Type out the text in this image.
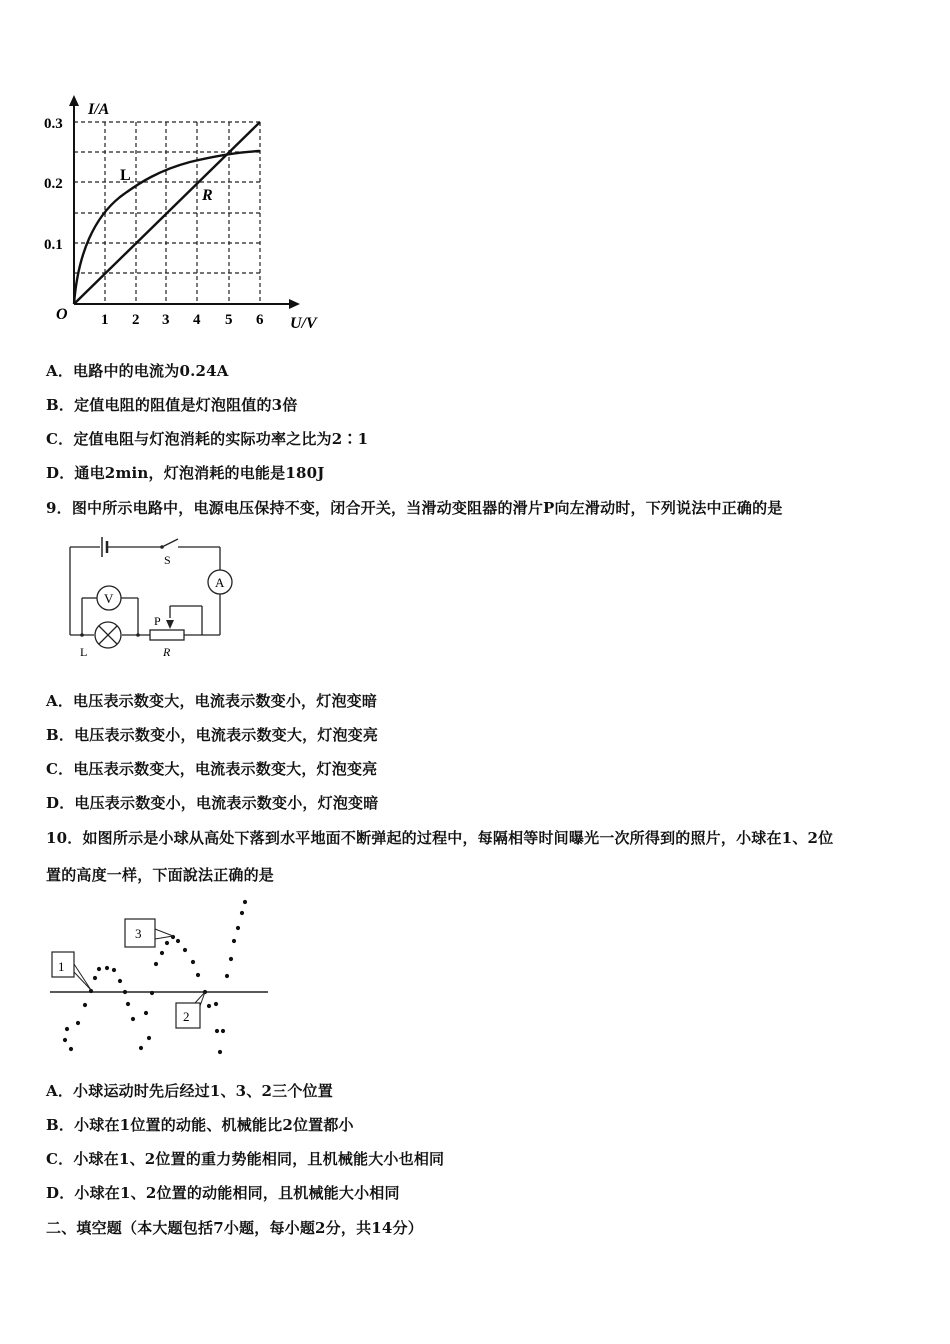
I/A
U/V
O
0.1
0.2
0.3
1 2 3 4 5 6
L
R
A．电路中的电流为0.24A
B．定值电阻的阻值是灯泡阻值的3倍
C．定值电阻与灯泡消耗的实际功率之比为2∶1
D．通电2min，灯泡消耗的电能是180J
9．图中所示电路中，电源电压保持不变，闭合开关，当滑动变阻器的滑片P向左滑动时，下列说法中正确的是
S
A
V
L
P
R
A．电压表示数变大，电流表示数变小，灯泡变暗
B．电压表示数变小，电流表示数变大，灯泡变亮
C．电压表示数变大，电流表示数变大，灯泡变亮
D．电压表示数变小，电流表示数变小，灯泡变暗
10．如图所示是小球从高处下落到水平地面不断弹起的过程中，每隔相等时间曝光一次所得到的照片，小球在1、2位
置的高度一样，下面說法正确的是
1
3
2
A．小球运动时先后经过1、3、2三个位置
B．小球在1位置的动能、机械能比2位置都小
C．小球在1、2位置的重力势能相同，且机械能大小也相同
D．小球在1、2位置的动能相同，且机械能大小相同
二、填空题（本大题包括7小题，每小题2分，共14分）
